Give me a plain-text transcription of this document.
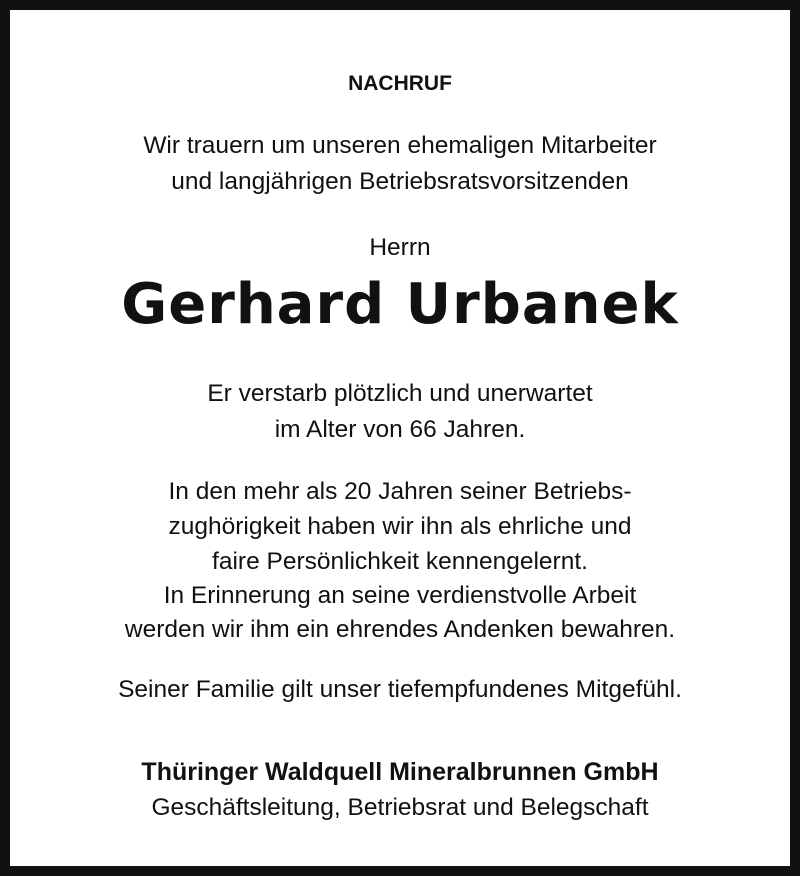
NACHRUF
Wir trauern um unseren ehemaligen Mitarbeiter
und langjährigen Betriebsratsvorsitzenden
Herrn
Gerhard Urbanek
Er verstarb plötzlich und unerwartet
im Alter von 66 Jahren.
In den mehr als 20 Jahren seiner Betriebs-
zughörigkeit haben wir ihn als ehrliche und
faire Persönlichkeit kennengelernt.
In Erinnerung an seine verdienstvolle Arbeit
werden wir ihm ein ehrendes Andenken bewahren.
Seiner Familie gilt unser tiefempfundenes Mitgefühl.
Thüringer Waldquell Mineralbrunnen GmbH
Geschäftsleitung, Betriebsrat und Belegschaft
